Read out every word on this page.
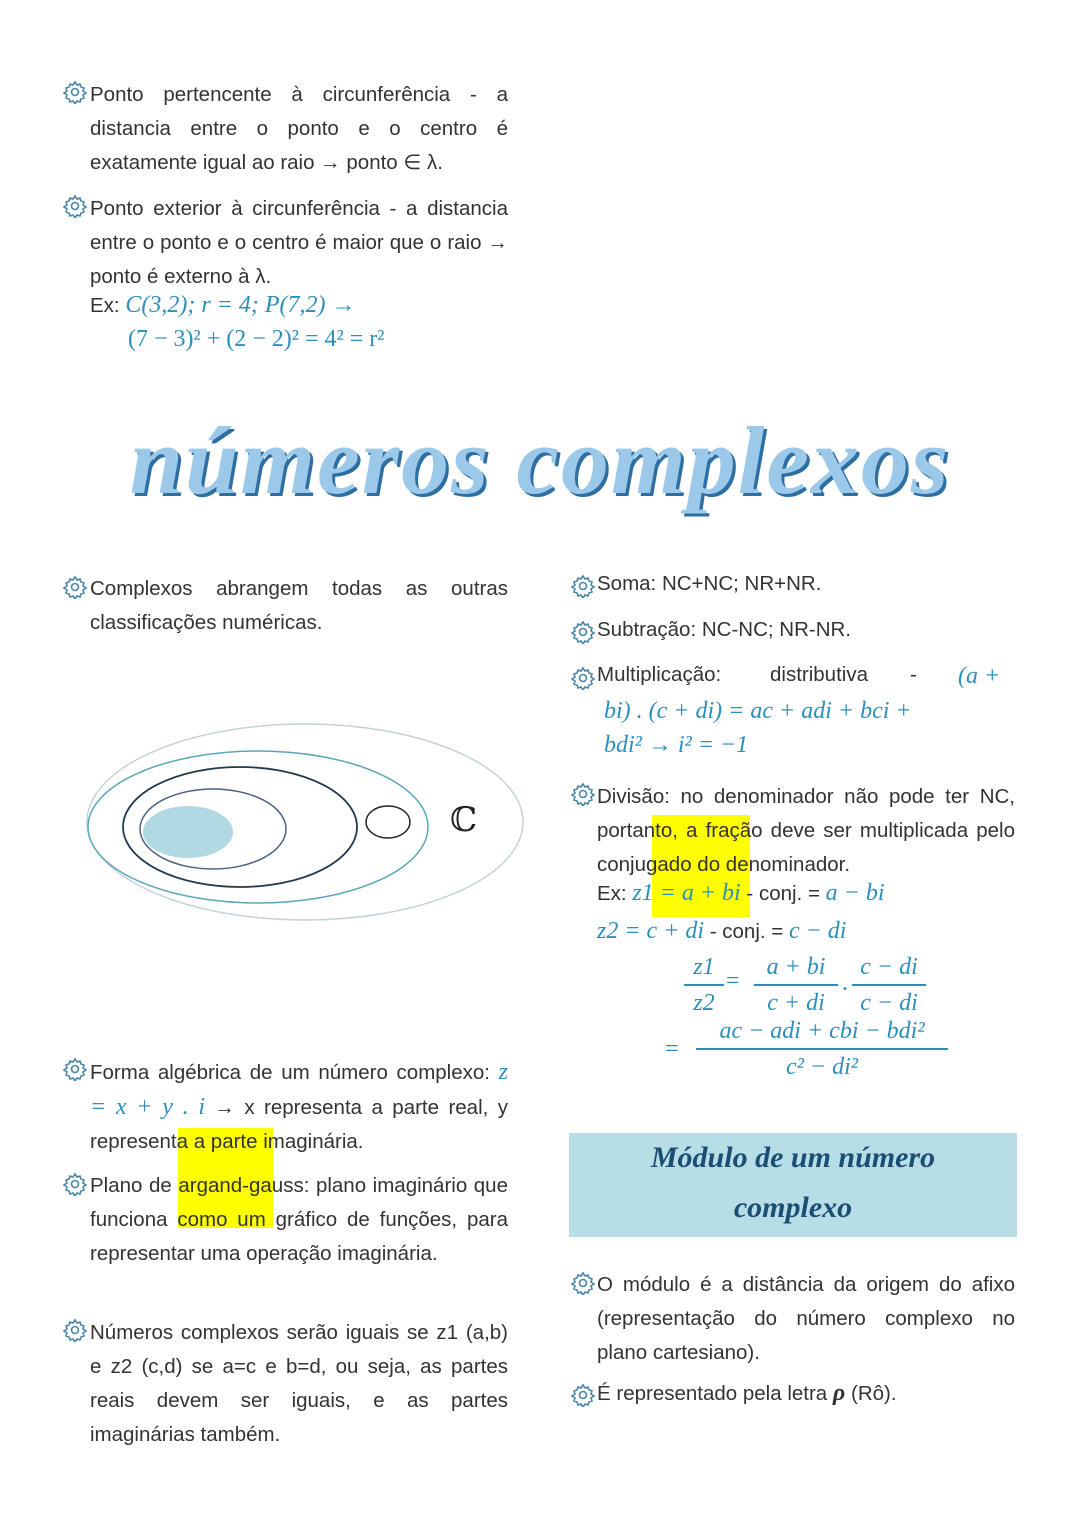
Ponto pertencente à circunferência - a distancia entre o ponto e o centro é exatamente igual ao raio → ponto ∈ λ.
Ponto exterior à circunferência - a distancia entre o ponto e o centro é maior que o raio → ponto é externo à λ.
Ex: C(3,2); r = 4; P(7,2) →
(7 − 3)² + (2 − 2)² = 4² = r²
números complexos
Complexos abrangem todas as outras classificações numéricas.
ℂ
Forma algébrica de um número complexo: z = x + y . i → x representa a parte real, y representa a parte imaginária.
Plano de argand-gauss: plano imaginário que funciona como um gráfico de funções, para representar uma operação imaginária.
Números complexos serão iguais se z1 (a,b) e z2 (c,d) se a=c e b=d, ou seja, as partes reais devem ser iguais, e as partes imaginárias também.
Soma: NC+NC; NR+NR.
Subtração: NC-NC; NR-NR.
Multiplicação: distributiva - (a +
bi) . (c + di) = ac + adi + bci +
bdi² → i² = −1
Divisão: no denominador não pode ter NC, portanto, a fração deve ser multiplicada pelo conjugado do denominador.
Ex: z1 = a + bi - conj. = a − bi
z2 = c + di - conj. = c − di
$\frac{z1}{z2} = \frac{a + bi}{c + di}$ . $\frac{c - di}{c - di}$
=
ac − adi + cbi − bdi²
c² − di²
Módulo de um número
complexo
O módulo é a distância da origem do afixo (representação do número complexo no plano cartesiano).
É representado pela letra ρ (Rô).
